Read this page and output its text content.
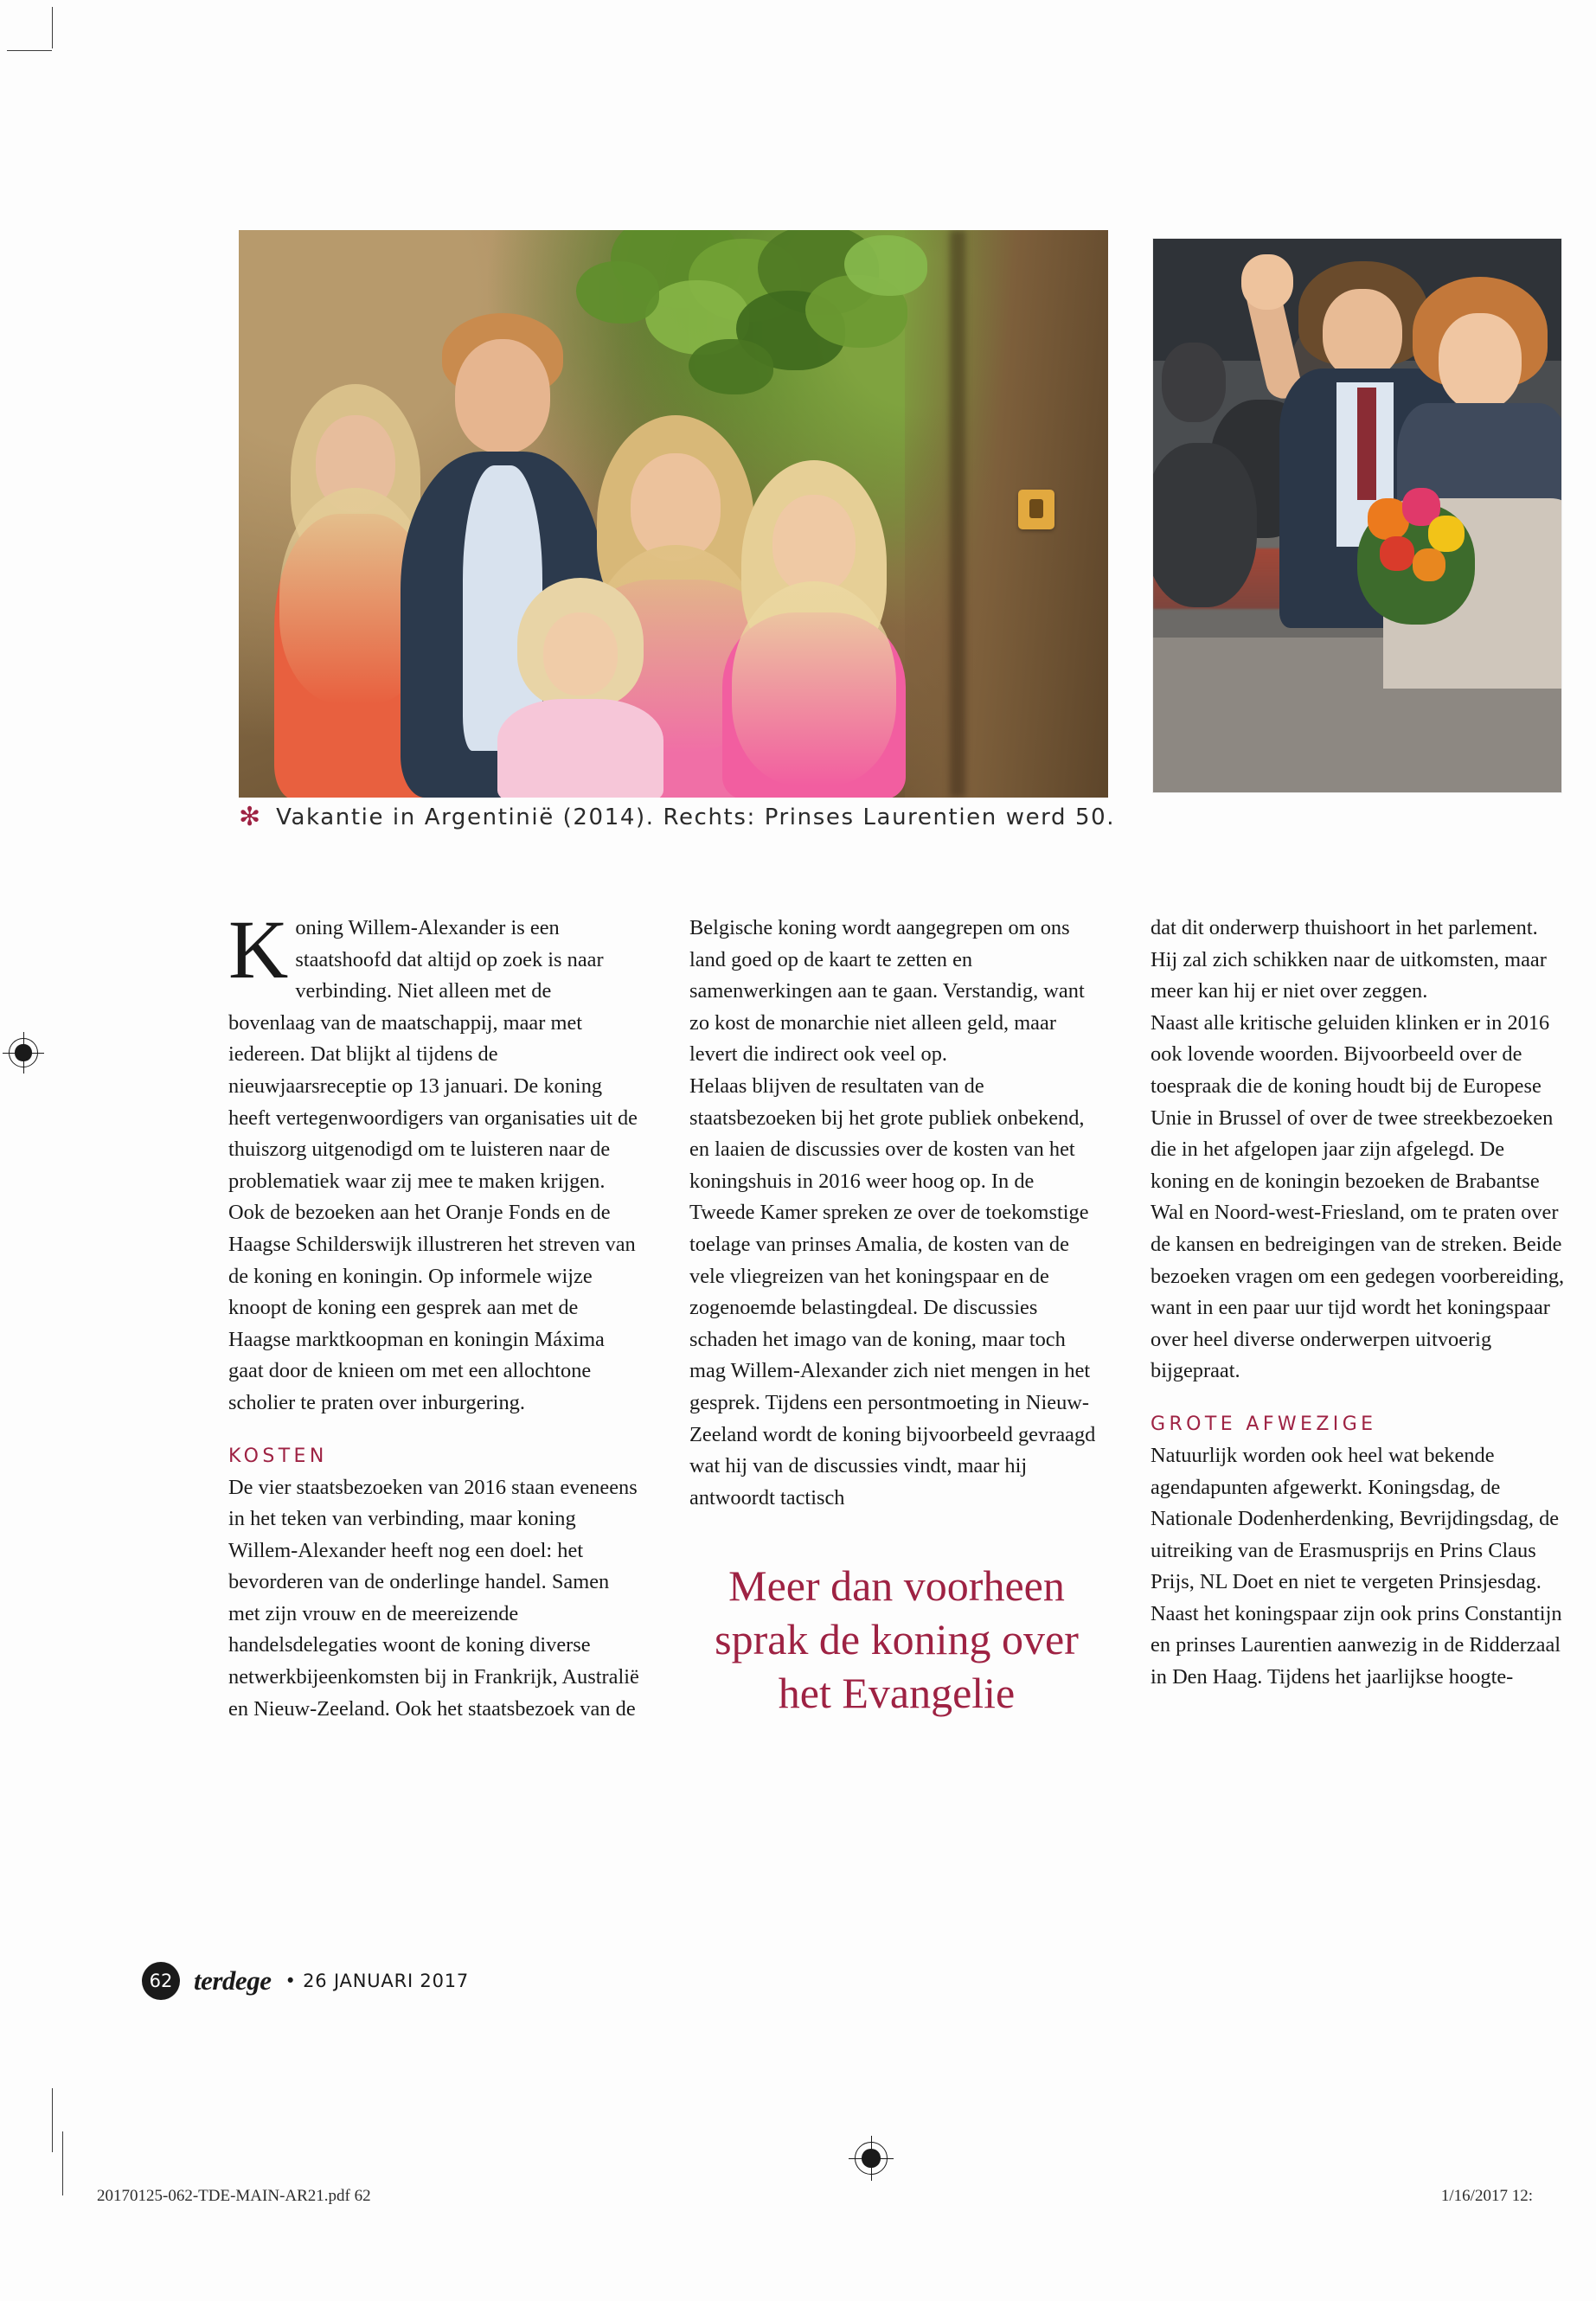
✻ Vakantie in Argentinië (2014). Rechts: Prinses Laurentien werd 50.

Koning Willem-Alexander is een staatshoofd dat altijd op zoek is naar verbinding. Niet alleen met de bovenlaag van de maatschappij, maar met iedereen. Dat blijkt al tijdens de nieuwjaarsreceptie op 13 januari. De koning heeft vertegenwoordigers van organisaties uit de thuiszorg uitgenodigd om te luisteren naar de problematiek waar zij mee te maken krijgen.

Ook de bezoeken aan het Oranje Fonds en de Haagse Schilderswijk illustreren het streven van de koning en koningin. Op informele wijze knoopt de koning een gesprek aan met de Haagse marktkoopman en koningin Máxima gaat door de knieen om met een allochtone scholier te praten over inburgering.

KOSTEN

De vier staatsbezoeken van 2016 staan eveneens in het teken van verbinding, maar koning Willem-Alexander heeft nog een doel: het bevorderen van de onderlinge handel. Samen met zijn vrouw en de meereizende handelsdelegaties woont de koning diverse netwerkbijeenkomsten bij in Frankrijk, Australië en Nieuw-Zeeland. Ook het staatsbezoek van de

Belgische koning wordt aangegrepen om ons land goed op de kaart te zetten en samenwerkingen aan te gaan. Verstandig, want zo kost de monarchie niet alleen geld, maar levert die indirect ook veel op.

Helaas blijven de resultaten van de staatsbezoeken bij het grote publiek onbekend, en laaien de discussies over de kosten van het koningshuis in 2016 weer hoog op. In de Tweede Kamer spreken ze over de toekomstige toelage van prinses Amalia, de kosten van de vele vliegreizen van het koningspaar en de zogenoemde belastingdeal. De discussies schaden het imago van de koning, maar toch mag Willem-Alexander zich niet mengen in het gesprek. Tijdens een persontmoeting in Nieuw-Zeeland wordt de koning bijvoorbeeld gevraagd wat hij van de discussies vindt, maar hij antwoordt tactisch

Meer dan voorheen sprak de koning over het Evangelie

dat dit onderwerp thuishoort in het parlement. Hij zal zich schikken naar de uitkomsten, maar meer kan hij er niet over zeggen.

Naast alle kritische geluiden klinken er in 2016 ook lovende woorden. Bijvoorbeeld over de toespraak die de koning houdt bij de Europese Unie in Brussel of over de twee streekbezoeken die in het afgelopen jaar zijn afgelegd. De koning en de koningin bezoeken de Brabantse Wal en Noord-west-Friesland, om te praten over de kansen en bedreigingen van de streken. Beide bezoeken vragen om een gedegen voorbereiding, want in een paar uur tijd wordt het koningspaar over heel diverse onderwerpen uitvoerig bijgepraat.

GROTE AFWEZIGE

Natuurlijk worden ook heel wat bekende agendapunten afgewerkt. Koningsdag, de Nationale Dodenherdenking, Bevrijdingsdag, de uitreiking van de Erasmusprijs en Prins Claus Prijs, NL Doet en niet te vergeten Prinsjesdag.

Naast het koningspaar zijn ook prins Constantijn en prinses Laurentien aanwezig in de Ridderzaal in Den Haag. Tijdens het jaarlijkse hoogte-

62 terdege • 26 JANUARI 2017
20170125-062-TDE-MAIN-AR21.pdf 62	1/16/2017 12:
